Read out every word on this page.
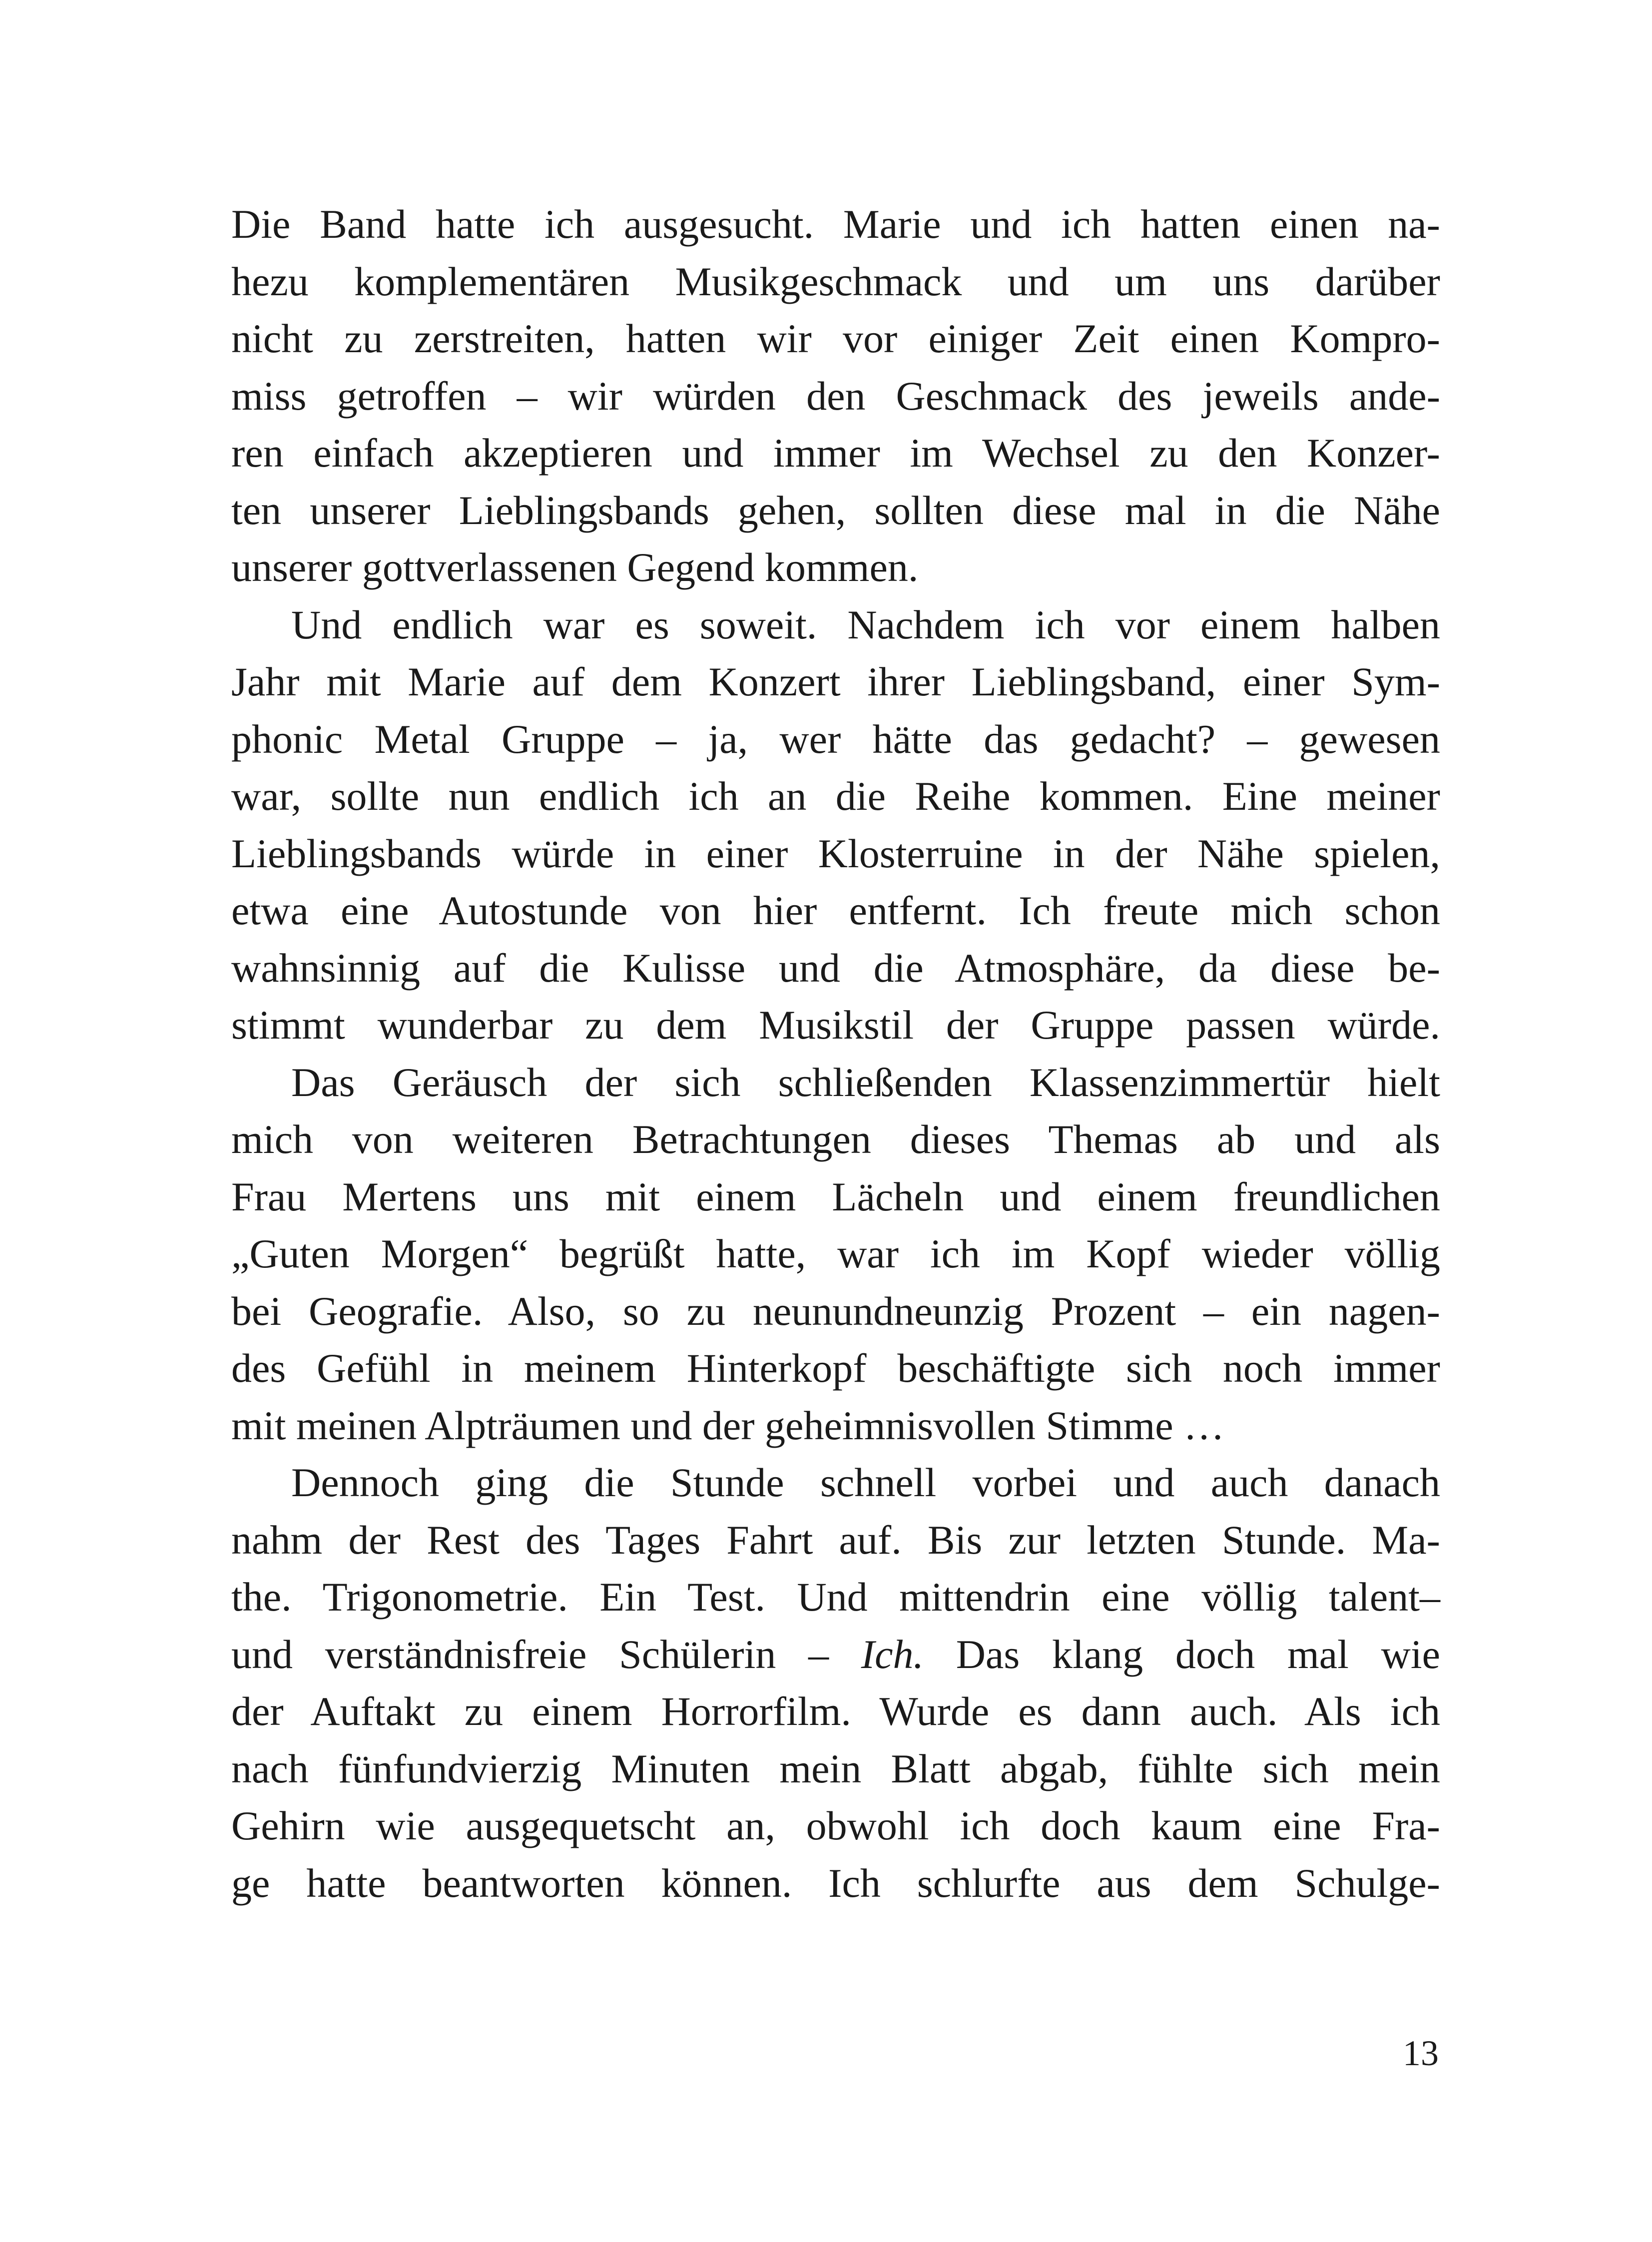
Die Band hatte ich ausgesucht. Marie und ich hatten einen na-
hezu komplementären Musikgeschmack und um uns darüber
nicht zu zerstreiten, hatten wir vor einiger Zeit einen Kompro-
miss getroffen – wir würden den Geschmack des jeweils ande-
ren einfach akzeptieren und immer im Wechsel zu den Konzer-
ten unserer Lieblingsbands gehen, sollten diese mal in die Nähe
unserer gottverlassenen Gegend kommen.
Und endlich war es soweit. Nachdem ich vor einem halben
Jahr mit Marie auf dem Konzert ihrer Lieblingsband, einer Sym-
phonic Metal Gruppe – ja, wer hätte das gedacht? – gewesen
war, sollte nun endlich ich an die Reihe kommen. Eine meiner
Lieblingsbands würde in einer Klosterruine in der Nähe spielen,
etwa eine Autostunde von hier entfernt. Ich freute mich schon
wahnsinnig auf die Kulisse und die Atmosphäre, da diese be-
stimmt wunderbar zu dem Musikstil der Gruppe passen würde.
Das Geräusch der sich schließenden Klassenzimmertür hielt
mich von weiteren Betrachtungen dieses Themas ab und als
Frau Mertens uns mit einem Lächeln und einem freundlichen
„Guten Morgen“ begrüßt hatte, war ich im Kopf wieder völlig
bei Geografie. Also, so zu neunundneunzig Prozent – ein nagen-
des Gefühl in meinem Hinterkopf beschäftigte sich noch immer
mit meinen Alpträumen und der geheimnisvollen Stimme …
Dennoch ging die Stunde schnell vorbei und auch danach
nahm der Rest des Tages Fahrt auf. Bis zur letzten Stunde. Ma-
the. Trigonometrie. Ein Test. Und mittendrin eine völlig talent–
und verständnisfreie Schülerin – Ich. Das klang doch mal wie
der Auftakt zu einem Horrorfilm. Wurde es dann auch. Als ich
nach fünfundvierzig Minuten mein Blatt abgab, fühlte sich mein
Gehirn wie ausgequetscht an, obwohl ich doch kaum eine Fra-
ge hatte beantworten können. Ich schlurfte aus dem Schulge-
13
